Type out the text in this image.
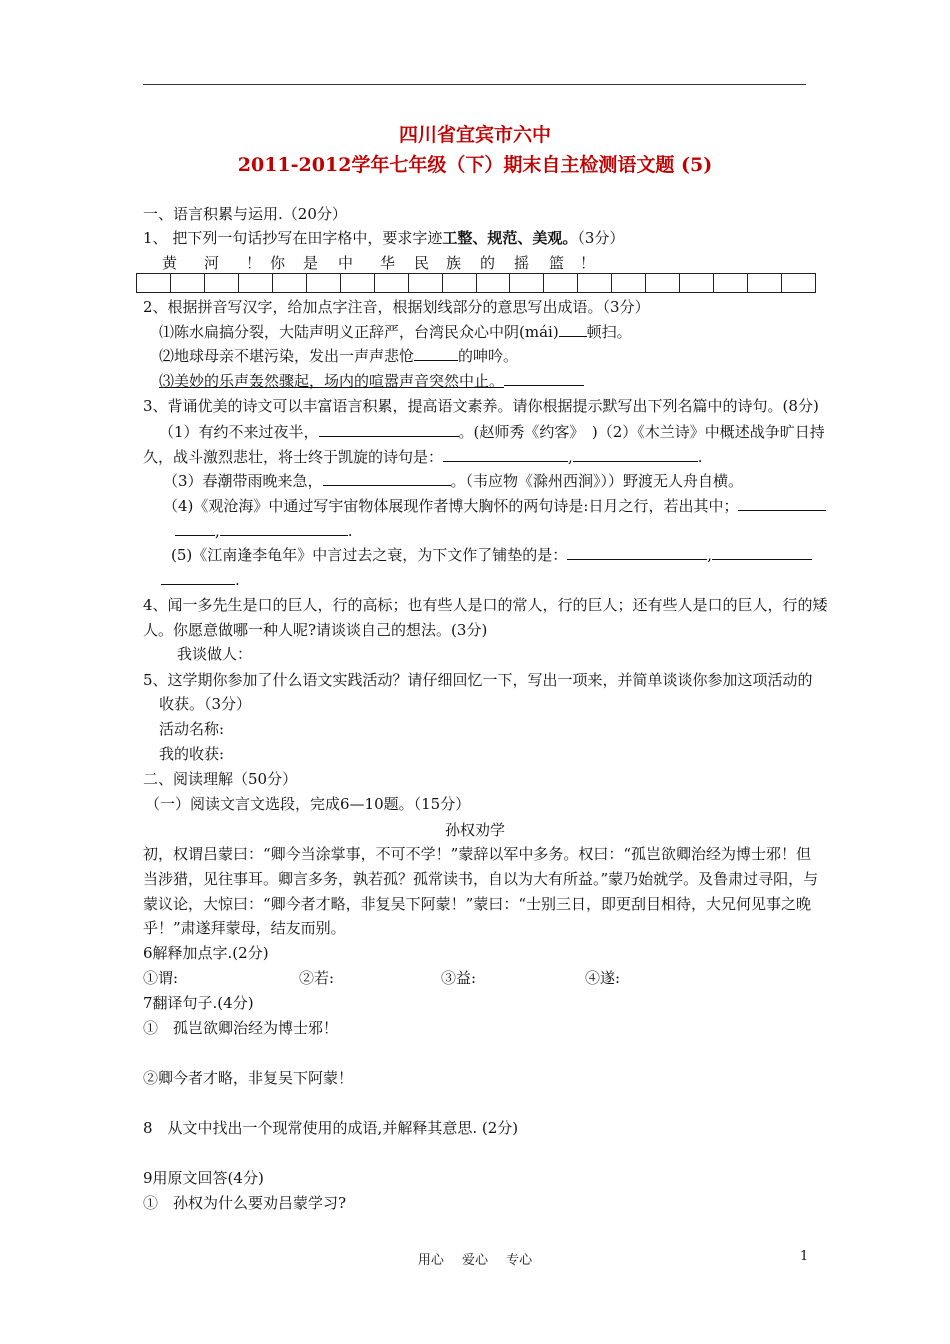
四川省宜宾市六中
2011-2012学年七年级（下）期末自主检测语文题 (5)
一、语言积累与运用.（20分）
1、 把下列一句话抄写在田字格中，要求字迹工整、规范、美观。（3分）
黄 河 ！ 你 是 中 华 民 族 的 摇 篮 ！
2、根据拼音写汉字，给加点字注音，根据划线部分的意思写出成语。（3分）
⑴陈水扁搞分裂，大陆声明义正辞严，台湾民众心中阴(mái) 顿扫。
⑵地球母亲不堪污染，发出一声声悲怆	的呻吟。
⑶美妙的乐声轰然骤起，场内的喧嚣声音突然中止。
3、背诵优美的诗文可以丰富语言积累，提高语文素养。请你根据提示默写出下列名篇中的诗句。(8分)
（1）有约不来过夜半，	。(赵师秀《约客》　)（2）《木兰诗》中概述战争旷日持
久，战斗激烈悲壮，将士终于凯旋的诗句是：	,	.
（3）春潮带雨晚来急，	。（韦应物《滁州西涧》））野渡无人舟自横。
（4)《观沧海》中通过写宇宙物体展现作者博大胸怀的两句诗是:日月之行，若出其中；
,	.
(5)《江南逢李龟年》中言过去之衰，为下文作了铺垫的是：	,
.
4、闻一多先生是口的巨人，行的高标；也有些人是口的常人，行的巨人；还有些人是口的巨人，行的矮
人。你愿意做哪一种人呢?请谈谈自己的想法。(3分)
我谈做人：
5、这学期你参加了什么语文实践活动？请仔细回忆一下，写出一项来，并简单谈谈你参加这项活动的
收获。（3分）
活动名称:
我的收获:
二、阅读理解（50分）
（一）阅读文言文选段，完成6—10题。（15分）
孙权劝学
初，权谓吕蒙曰：“卿今当涂掌事，不可不学！”蒙辞以军中多务。权曰：“孤岂欲卿治经为博士邪！但
当涉猎，见往事耳。卿言多务，孰若孤？孤常读书，自以为大有所益。”蒙乃始就学。及鲁肃过寻阳，与
蒙议论，大惊曰：“卿今者才略，非复吴下阿蒙！”蒙曰：“士别三日，即更刮目相待，大兄何见事之晚
乎！”肃遂拜蒙母，结友而别。
6解释加点字.(2分)
①谓:	②若:	③益:	④遂:
7翻译句子.(4分)
①　孤岂欲卿治经为博士邪！
②卿今者才略，非复吴下阿蒙！
8　从文中找出一个现常使用的成语,并解释其意思. (2分)
9用原文回答(4分)
①　孙权为什么要劝吕蒙学习?
用心 爱心 专心	1
